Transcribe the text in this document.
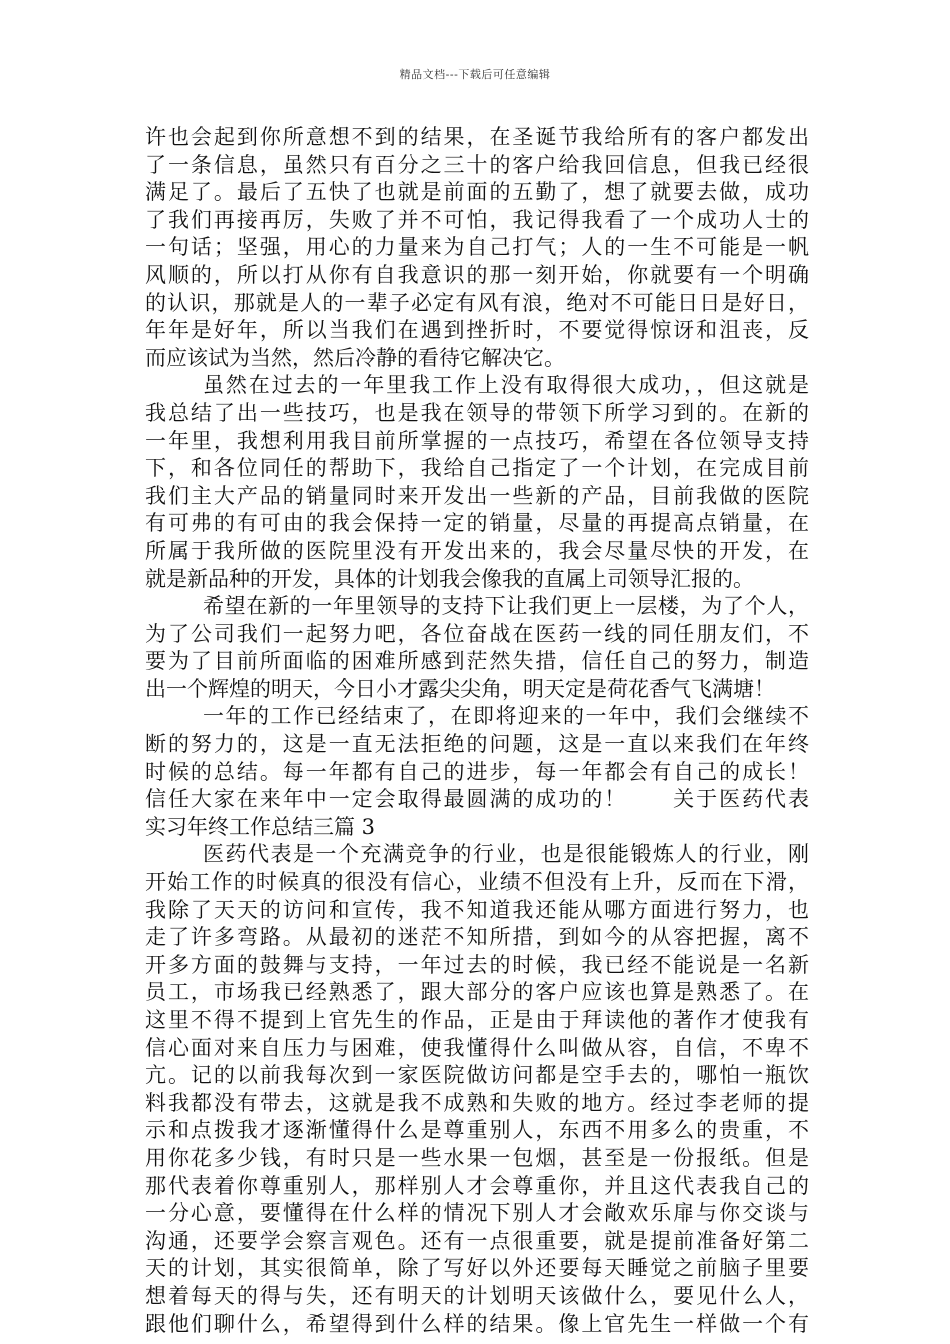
精品文档---下载后可任意编辑
许也会起到你所意想不到的结果，在圣诞节我给所有的客户都发出
了一条信息，虽然只有百分之三十的客户给我回信息，但我已经很
满足了。最后了五快了也就是前面的五勤了，想了就要去做，成功
了我们再接再厉，失败了并不可怕，我记得我看了一个成功人士的
一句话；坚强，用心的力量来为自己打气；人的一生不可能是一帆
风顺的，所以打从你有自我意识的那一刻开始，你就要有一个明确
的认识，那就是人的一辈子必定有风有浪，绝对不可能日日是好日，
年年是好年，所以当我们在遇到挫折时，不要觉得惊讶和沮丧，反
而应该试为当然，然后冷静的看待它解决它。
虽然在过去的一年里我工作上没有取得很大成功，，但这就是
我总结了出一些技巧，也是我在领导的带领下所学习到的。在新的
一年里，我想利用我目前所掌握的一点技巧，希望在各位领导支持
下，和各位同任的帮助下，我给自己指定了一个计划，在完成目前
我们主大产品的销量同时来开发出一些新的产品，目前我做的医院
有可弗的有可由的我会保持一定的销量，尽量的再提高点销量，在
所属于我所做的医院里没有开发出来的，我会尽量尽快的开发，在
就是新品种的开发，具体的计划我会像我的直属上司领导汇报的。
希望在新的一年里领导的支持下让我们更上一层楼，为了个人，
为了公司我们一起努力吧，各位奋战在医药一线的同任朋友们，不
要为了目前所面临的困难所感到茫然失措，信任自己的努力，制造
出一个辉煌的明天，今日小才露尖尖角，明天定是荷花香气飞满塘！
一年的工作已经结束了，在即将迎来的一年中，我们会继续不
断的努力的，这是一直无法拒绝的问题，这是一直以来我们在年终
时候的总结。每一年都有自己的进步，每一年都会有自己的成长！
信任大家在来年中一定会取得最圆满的成功的！　　关于医药代表
实习年终工作总结三篇 3
医药代表是一个充满竞争的行业，也是很能锻炼人的行业，刚
开始工作的时候真的很没有信心，业绩不但没有上升，反而在下滑，
我除了天天的访问和宣传，我不知道我还能从哪方面进行努力，也
走了许多弯路。从最初的迷茫不知所措，到如今的从容把握，离不
开多方面的鼓舞与支持，一年过去的时候，我已经不能说是一名新
员工，市场我已经熟悉了，跟大部分的客户应该也算是熟悉了。在
这里不得不提到上官先生的作品，正是由于拜读他的著作才使我有
信心面对来自压力与困难，使我懂得什么叫做从容，自信，不卑不
亢。记的以前我每次到一家医院做访问都是空手去的，哪怕一瓶饮
料我都没有带去，这就是我不成熟和失败的地方。经过李老师的提
示和点拨我才逐渐懂得什么是尊重别人，东西不用多么的贵重，不
用你花多少钱，有时只是一些水果一包烟，甚至是一份报纸。但是
那代表着你尊重别人，那样别人才会尊重你，并且这代表我自己的
一分心意，要懂得在什么样的情况下别人才会敞欢乐扉与你交谈与
沟通，还要学会察言观色。还有一点很重要，就是提前准备好第二
天的计划，其实很简单，除了写好以外还要每天睡觉之前脑子里要
想着每天的得与失，还有明天的计划明天该做什么，要见什么人，
跟他们聊什么，希望得到什么样的结果。像上官先生一样做一个有
